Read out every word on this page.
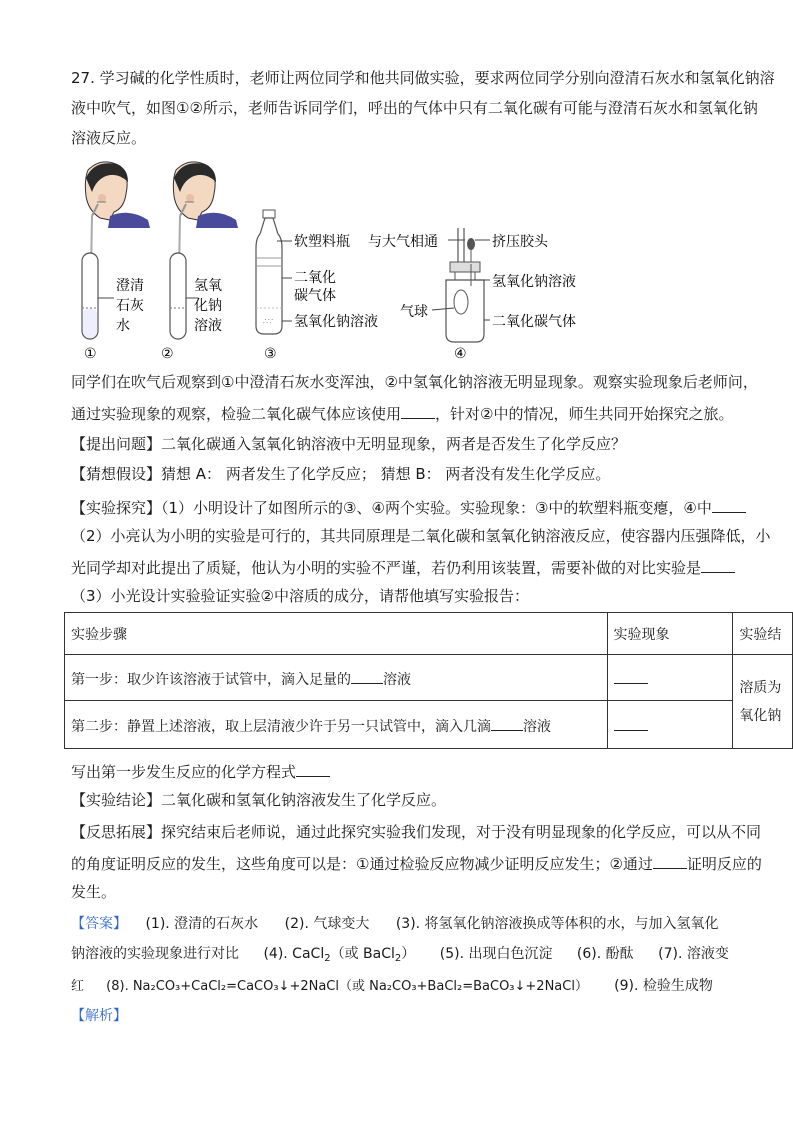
27. 学习碱的化学性质时，老师让两位同学和他共同做实验，要求两位同学分别向澄清石灰水和氢氧化钠溶
液中吹气，如图①②所示，老师告诉同学们，呼出的气体中只有二氧化碳有可能与澄清石灰水和氢氧化钠
溶液反应。
∴∵
澄清
石灰
水
氢氧
化钠
溶液
软塑料瓶
二氧化
碳气体
氢氧化钠溶液
与大气相通	挤压胶头
氢氧化钠溶液
气球
二氧化碳气体
①	②	③	④
同学们在吹气后观察到①中澄清石灰水变浑浊，②中氢氧化钠溶液无明显现象。观察实验现象后老师问，
通过实验现象的观察，检验二氧化碳气体应该使用 ，针对②中的情况，师生共同开始探究之旅。
【提出问题】二氧化碳通入氢氧化钠溶液中无明显现象，两者是否发生了化学反应？
【猜想假设】猜想 A： 两者发生了化学反应； 猜想 B： 两者没有发生化学反应。
【实验探究】（1）小明设计了如图所示的③、④两个实验。实验现象：③中的软塑料瓶变瘪，④中
（2）小亮认为小明的实验是可行的，其共同原理是二氧化碳和氢氧化钠溶液反应，使容器内压强降低，小
光同学却对此提出了质疑，他认为小明的实验不严谨，若仍利用该装置，需要补做的对比实验是
（3）小光设计实验验证实验②中溶质的成分，请帮他填写实验报告：
实验步骤	实验现象	实验结
第一步：取少许该溶液于试管中，滴入足量的 溶液		溶质为
氧化钠

第二步：静置上述溶液，取上层清液少许于另一只试管中，滴入几滴 溶液		
写出第一步发生反应的化学方程式
【实验结论】二氧化碳和氢氧化钠溶液发生了化学反应。
【反思拓展】探究结束后老师说，通过此探究实验我们发现，对于没有明显现象的化学反应，可以从不同
的角度证明反应的发生，这些角度可以是：①通过检验反应物减少证明反应发生；②通过 证明反应的
发生。
【答案】 (1). 澄清的石灰水 (2). 气球变大 (3). 将氢氧化钠溶液换成等体积的水，与加入氢氧化
钠溶液的实验现象进行对比 (4). CaCl$_2$（或 BaCl$_2$） (5). 出现白色沉淀 (6). 酚酞 (7). 溶液变
红 (8). Na₂CO₃+CaCl₂=CaCO₃↓+2NaCl（或 Na₂CO₃+BaCl₂=BaCO₃↓+2NaCl） (9). 检验生成物
【解析】
